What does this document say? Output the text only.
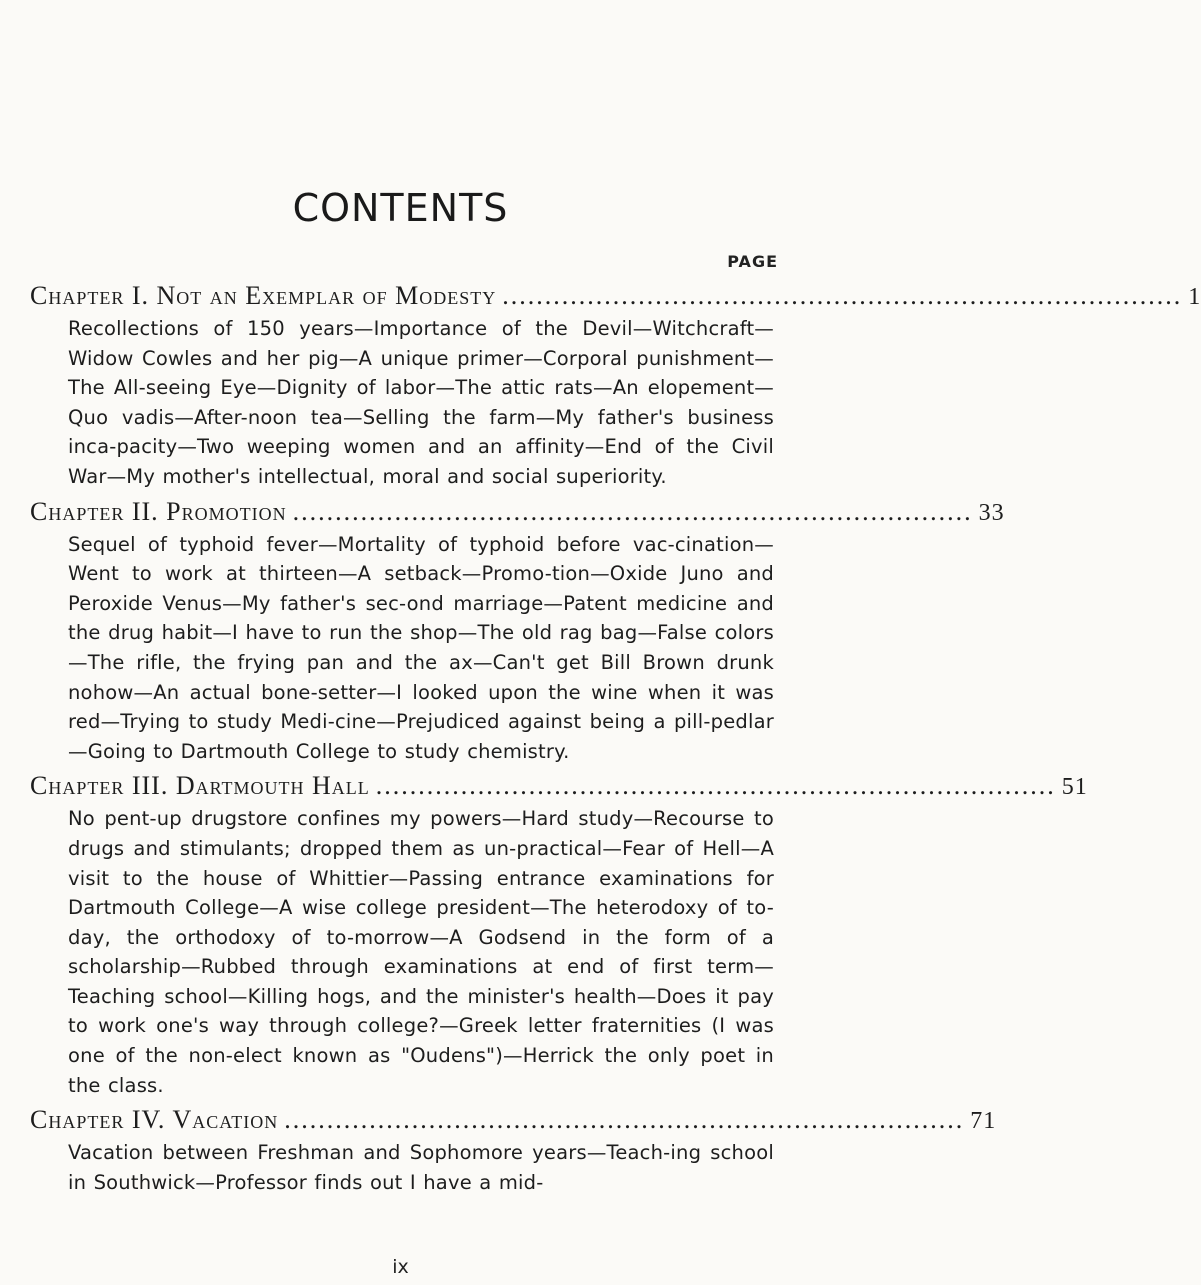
CONTENTS
PAGE
Chapter I. Not an Exemplar of Modesty ................................................................................ 1
Recollections of 150 years—Importance of the Devil—Witchcraft—Widow Cowles and her pig—A unique primer—Corporal punishment—The All-seeing Eye—Dignity of labor—The attic rats—An elopement—Quo vadis—After-noon tea—Selling the farm—My father's business inca-pacity—Two weeping women and an affinity—End of the Civil War—My mother's intellectual, moral and social superiority.
Chapter II. Promotion ................................................................................ 33
Sequel of typhoid fever—Mortality of typhoid before vac-cination—Went to work at thirteen—A setback—Promo-tion—Oxide Juno and Peroxide Venus—My father's sec-ond marriage—Patent medicine and the drug habit—I have to run the shop—The old rag bag—False colors—The rifle, the frying pan and the ax—Can't get Bill Brown drunk nohow—An actual bone-setter—I looked upon the wine when it was red—Trying to study Medi-cine—Prejudiced against being a pill-pedlar—Going to Dartmouth College to study chemistry.
Chapter III. Dartmouth Hall ................................................................................ 51
No pent-up drugstore confines my powers—Hard study—Recourse to drugs and stimulants; dropped them as un-practical—Fear of Hell—A visit to the house of Whittier—Passing entrance examinations for Dartmouth College—A wise college president—The heterodoxy of to-day, the orthodoxy of to-morrow—A Godsend in the form of a scholarship—Rubbed through examinations at end of first term—Teaching school—Killing hogs, and the minister's health—Does it pay to work one's way through college?—Greek letter fraternities (I was one of the non-elect known as "Oudens")—Herrick the only poet in the class.
Chapter IV. Vacation ................................................................................ 71
Vacation between Freshman and Sophomore years—Teach-ing school in Southwick—Professor finds out I have a mid-
ix
